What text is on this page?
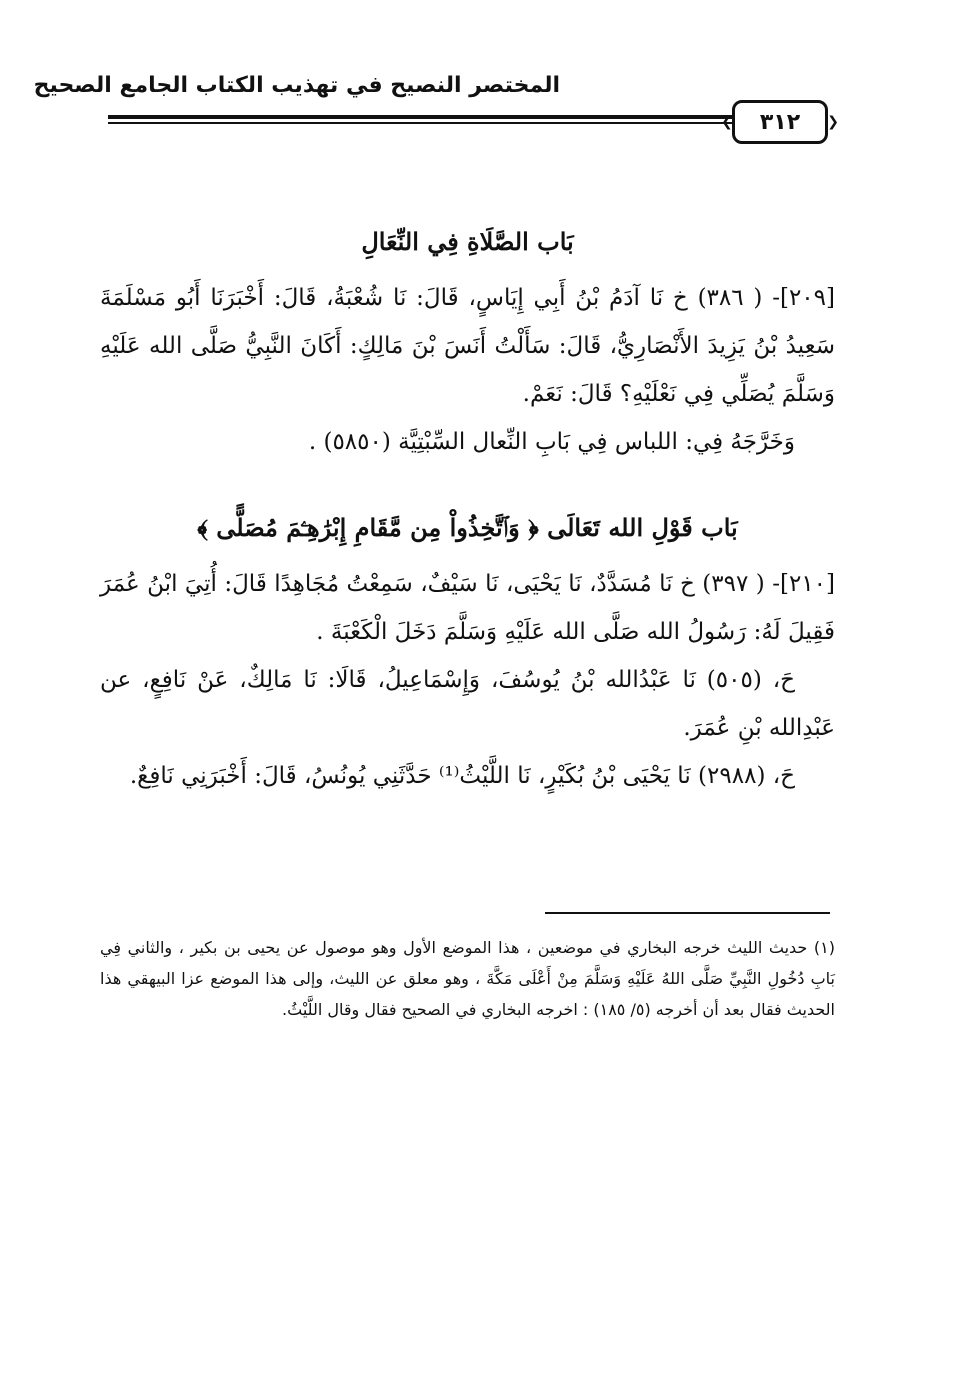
المختصر النصيح في تهذيب الكتاب الجامع الصحيح
❮ ٣١٢ ❯
بَاب الصَّلَاةِ فِي النِّعَالِ

[٢٠٩]- ( ٣٨٦) خ نَا آدَمُ بْنُ أَبِي إِيَاسٍ، قَالَ: نَا شُعْبَةُ، قَالَ: أَخْبَرَنَا أَبُو مَسْلَمَةَ سَعِيدُ بْنُ يَزِيدَ الأَنْصَارِيُّ، قَالَ: سَأَلْتُ أَنَسَ بْنَ مَالِكٍ: أَكَانَ النَّبِيُّ صَلَّى الله عَلَيْهِ وَسَلَّمَ يُصَلِّي فِي نَعْلَيْهِ؟ قَالَ: نَعَمْ.

وَخَرَّجَهُ فِي: اللباس فِي بَابِ النِّعال السِّبْتِيَّة (٥٨٥٠) .

بَاب قَوْلِ الله تَعَالَى ﴿ وَٱتَّخِذُواْ مِن مَّقَامِ إِبْرَٰهِـۧمَ مُصَلًّى ﴾

[٢١٠]- ( ٣٩٧) خ نَا مُسَدَّدٌ، نَا يَحْيَى، نَا سَيْفٌ، سَمِعْتُ مُجَاهِدًا قَالَ: أُتِيَ ابْنُ عُمَرَ فَقِيلَ لَهُ: رَسُولُ الله صَلَّى الله عَلَيْهِ وَسَلَّمَ دَخَلَ الْكَعْبَةَ .

حَ، (٥٠٥) نَا عَبْدُالله بْنُ يُوسُفَ، وَإِسْمَاعِيلُ، قَالَا: نَا مَالِكٌ، عَنْ نَافِعٍ، عن عَبْدِالله بْنِ عُمَرَ.

حَ، (٢٩٨٨) نَا يَحْيَى بْنُ بُكَيْرٍ، نَا اللَّيْثُ⁽¹⁾ حَدَّثَنِي يُونُسُ، قَالَ: أَخْبَرَنِي نَافِعٌ.

(١) حديث الليث خرجه البخاري في موضعين ، هذا الموضع الأول وهو موصول عن يحيى بن بكير ، والثاني فِي بَابِ دُخُولِ النَّبِيِّ صَلَّى اللهُ عَلَيْهِ وَسَلَّمَ مِنْ أَعْلَى مَكَّةَ ، وهو معلق عن الليث، وإلى هذا الموضع عزا البيهقي هذا الحديث فقال بعد أن أخرجه (٥/ ١٨٥) : اخرجه البخاري في الصحيح فقال وقال اللَّيْثُ.
